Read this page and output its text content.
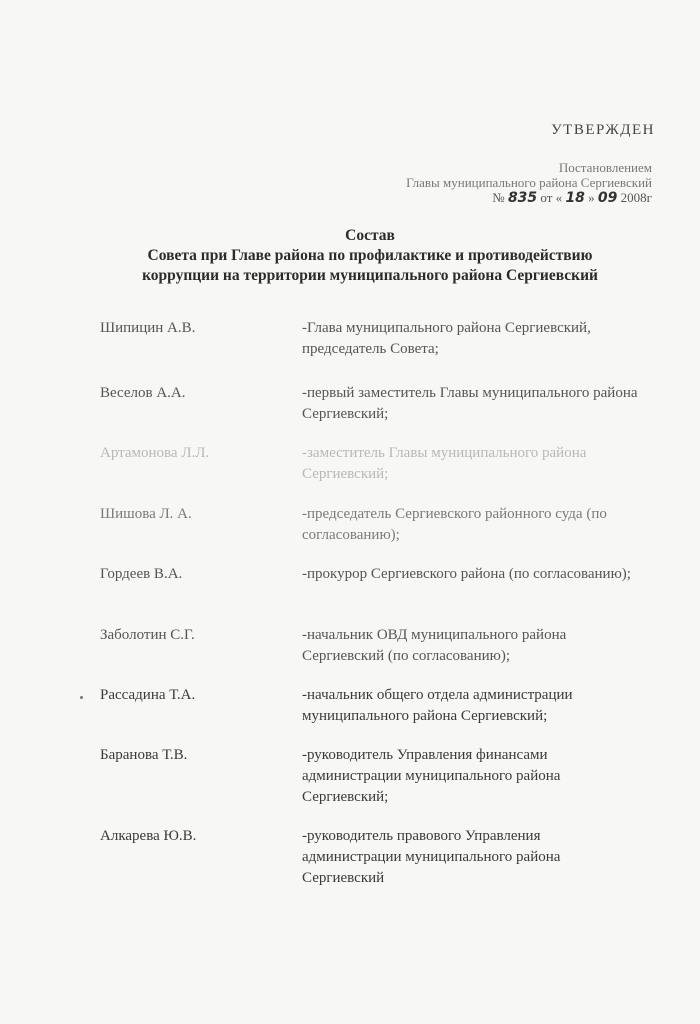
УТВЕРЖДЕН
Постановлением
Главы муниципального района Сергиевский
№ 835 от « 18 » 09 2008г
Состав
Совета при Главе района по профилактике и противодействию
коррупции на территории муниципального района Сергиевский
Шипицин А.В.	-Глава муниципального района Сергиевский, председатель Совета;
Веселов А.А.	-первый заместитель Главы муниципального района Сергиевский;
Артамонова Л.Л.	-заместитель Главы муниципального района Сергиевский;
Шишова Л. А.	-председатель Сергиевского районного суда (по согласованию);
Гордеев В.А.	-прокурор Сергиевского района (по согласованию);
Заболотин С.Г.	-начальник ОВД муниципального района Сергиевский (по согласованию);
Рассадина Т.А.	-начальник общего отдела администрации муниципального района Сергиевский;
Баранова Т.В.	-руководитель Управления финансами администрации муниципального района Сергиевский;
Алкарева Ю.В.	-руководитель правового Управления администрации муниципального района Сергиевский
